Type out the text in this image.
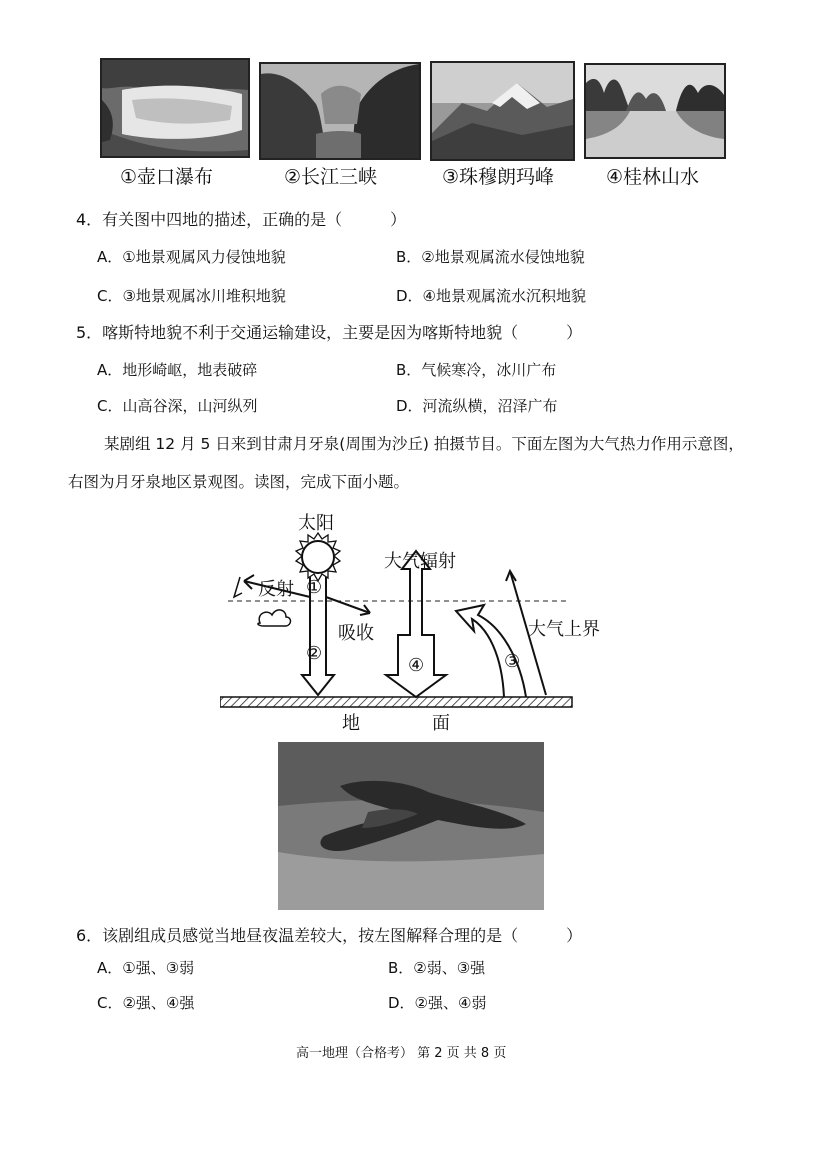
①壶口瀑布	②长江三峡	③珠穆朗玛峰	④桂林山水
4．有关图中四地的描述，正确的是（　　　）
A．①地景观属风力侵蚀地貌	B．②地景观属流水侵蚀地貌
C．③地景观属冰川堆积地貌	D．④地景观属流水沉积地貌
5．喀斯特地貌不利于交通运输建设，主要是因为喀斯特地貌（　　　）
A．地形崎岖，地表破碎	B．气候寒冷，冰川广布
C．山高谷深，山河纵列	D．河流纵横，沼泽广布
某剧组 12 月 5 日来到甘肃月牙泉(周围为沙丘) 拍摄节目。下面左图为大气热力作用示意图，
右图为月牙泉地区景观图。读图，完成下面小题。
太阳
反射
吸收
大气辐射
大气上界
①
②	③
④
地	面
6．该剧组成员感觉当地昼夜温差较大，按左图解释合理的是（　　　）
A．①强、③弱	B．②弱、③强
C．②强、④强	D．②强、④弱
高一地理（合格考） 第 2 页 共 8 页
